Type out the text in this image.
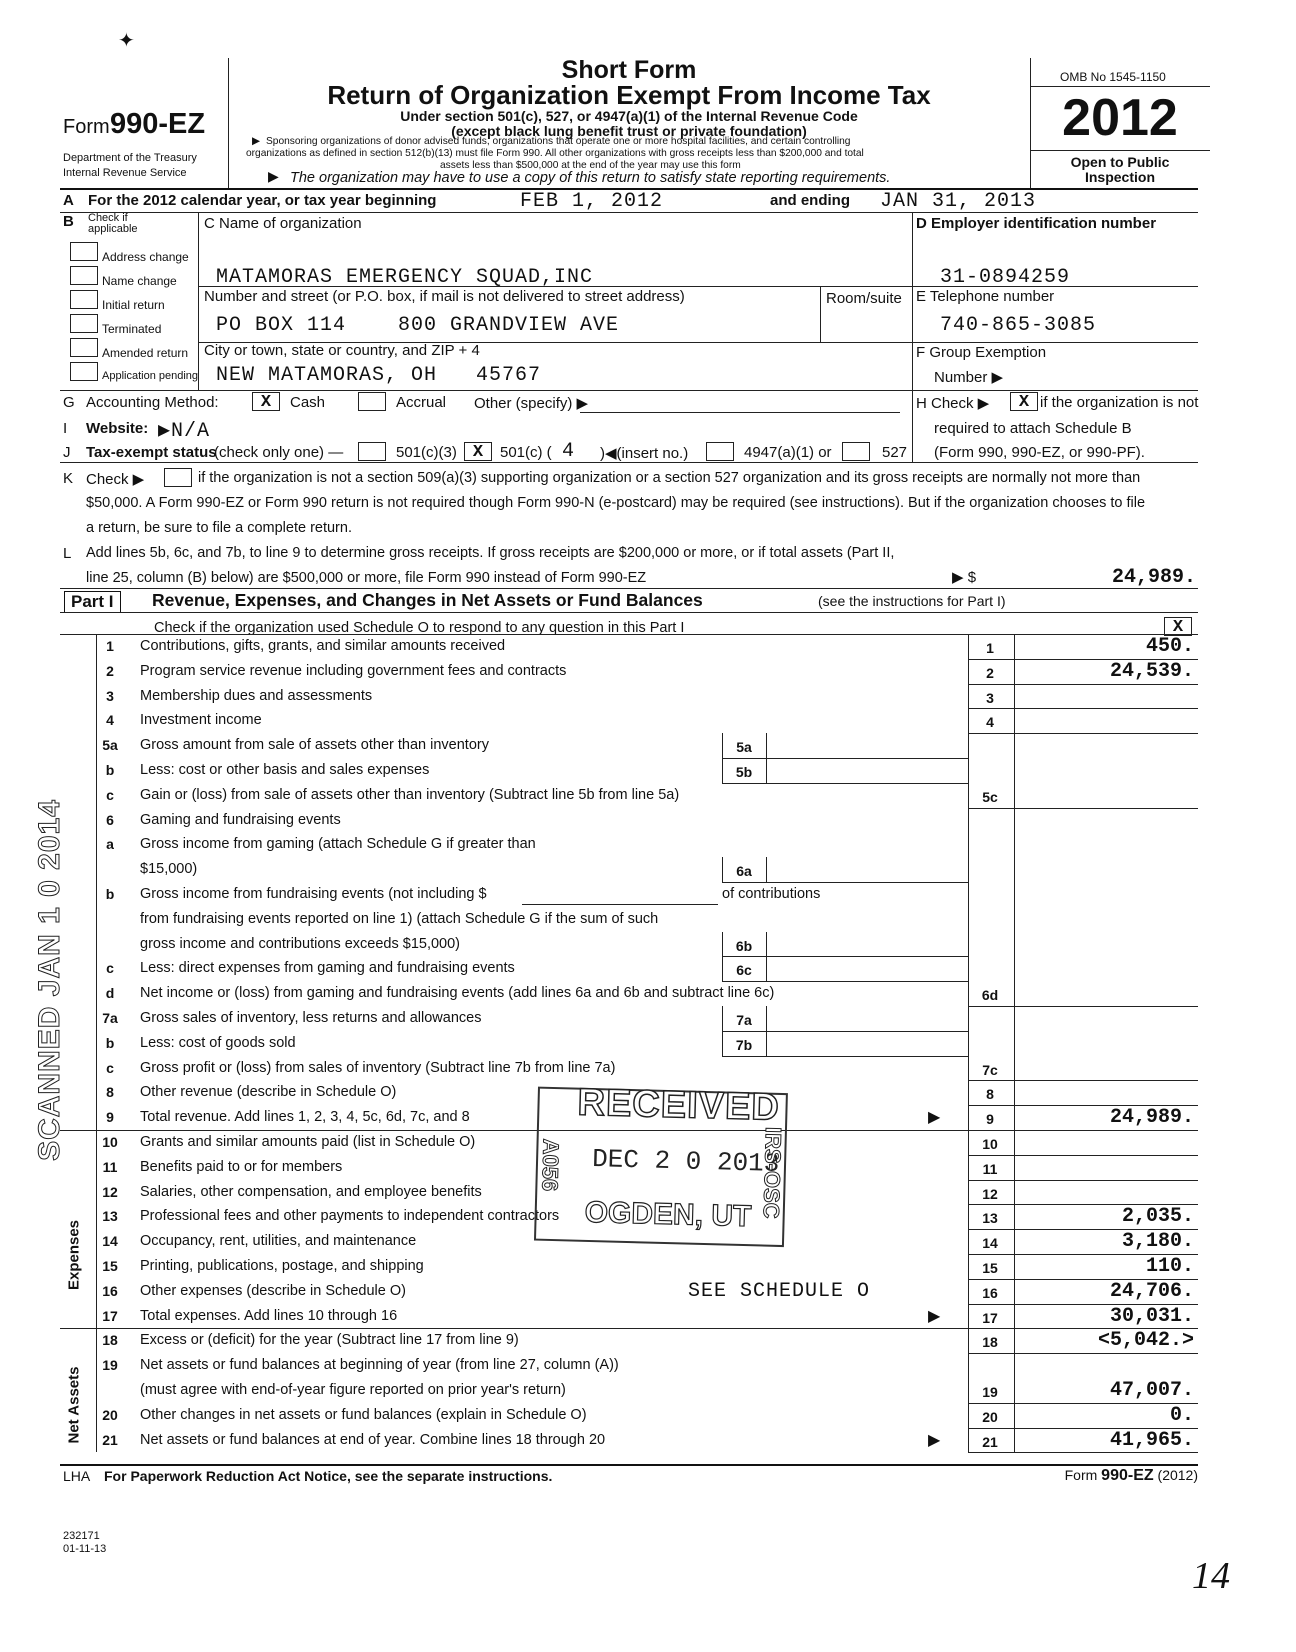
✦
Form 990-EZ
Department of the Treasury
Internal Revenue Service
Short Form
Return of Organization Exempt From Income Tax
Under section 501(c), 527, or 4947(a)(1) of the Internal Revenue Code
(except black lung benefit trust or private foundation)
▶ Sponsoring organizations of donor advised funds, organizations that operate one or more hospital facilities, and certain controlling
organizations as defined in section 512(b)(13) must file Form 990. All other organizations with gross receipts less than $200,000 and total
assets less than $500,000 at the end of the year may use this form
▶ The organization may have to use a copy of this return to satisfy state reporting requirements.
OMB No 1545-1150
2012
Open to Public
Inspection
A For the 2012 calendar year, or tax year beginning	FEB 1, 2012	and ending JAN 31, 2013
B Check if
applicable
Address change
Name change
Initial return
Terminated
Amended return
Application pending
C Name of organization
MATAMORAS EMERGENCY SQUAD,INC
Number and street (or P.O. box, if mail is not delivered to street address)	Room/suite
PO BOX 114    800 GRANDVIEW AVE
City or town, state or country, and ZIP + 4
NEW MATAMORAS, OH   45767
D Employer identification number
31-0894259
E Telephone number
740-865-3085
F Group Exemption
Number ▶
G Accounting Method:	X	Cash	Accrual Other (specify) ▶	H Check ▶	X if the organization is not
required to attach Schedule B
(Form 990, 990-EZ, or 990-PF).
I Website: ▶N/A
J Tax-exempt status
(check only one) —	501(c)(3) X	501(c) ( 4 )◀(insert no.)	4947(a)(1) or	527
K Check ▶	if the organization is not a section 509(a)(3) supporting organization or a section 527 organization and its gross receipts are normally not more than
$50,000. A Form 990-EZ or Form 990 return is not required though Form 990-N (e-postcard) may be required (see instructions). But if the organization chooses to file
a return, be sure to file a complete return.
L Add lines 5b, 6c, and 7b, to line 9 to determine gross receipts. If gross receipts are $200,000 or more, or if total assets (Part II,
line 25, column (B) below) are $500,000 or more, file Form 990 instead of Form 990-EZ	▶ $	24,989.
Part I	Revenue, Expenses, and Changes in Net Assets or Fund Balances	(see the instructions for Part I)
Check if the organization used Schedule O to respond to any question in this Part I	X
1	Contributions, gifts, grants, and similar amounts received	1	450.
2	Program service revenue including government fees and contracts	2	24,539.
3	Membership dues and assessments	3
4	Investment income	4
5a	Gross amount from sale of assets other than inventory	5a
b	Less: cost or other basis and sales expenses	5b
c	Gain or (loss) from sale of assets other than inventory (Subtract line 5b from line 5a)	5c
6	Gaming and fundraising events
a	Gross income from gaming (attach Schedule G if greater than
$15,000)	6a
b	Gross income from fundraising events (not including $	of contributions
from fundraising events reported on line 1) (attach Schedule G if the sum of such
gross income and contributions exceeds $15,000)	6b
c	Less: direct expenses from gaming and fundraising events	6c
d	Net income or (loss) from gaming and fundraising events (add lines 6a and 6b and subtract line 6c)	6d
7a	Gross sales of inventory, less returns and allowances	7a
b	Less: cost of goods sold	7b
c	Gross profit or (loss) from sales of inventory (Subtract line 7b from line 7a)	7c
8	Other revenue (describe in Schedule O)	8
9	Total revenue. Add lines 1, 2, 3, 4, 5c, 6d, 7c, and 8	▶	9	24,989.
10	Grants and similar amounts paid (list in Schedule O)	10
11	Benefits paid to or for members	11
12	Salaries, other compensation, and employee benefits	12
13	Professional fees and other payments to independent contractors	13	2,035.
14	Occupancy, rent, utilities, and maintenance	14	3,180.
15	Printing, publications, postage, and shipping	15	110.
16	Other expenses (describe in Schedule O)	SEE SCHEDULE O	16	24,706.
17	Total expenses. Add lines 10 through 16	▶	17	30,031.
18	Excess or (deficit) for the year (Subtract line 17 from line 9)	18	<5,042.>
19	Net assets or fund balances at beginning of year (from line 27, column (A))
(must agree with end-of-year figure reported on prior year's return)	19	47,007.
20	Other changes in net assets or fund balances (explain in Schedule O)	20	0.
21	Net assets or fund balances at end of year. Combine lines 18 through 20	▶	21	41,965.
Expenses
Net Assets
SCANNED JAN 1 0 2014	RECEIVED
DEC 2 0 2013
A056	IRS-OSC
OGDEN, UT
LHA For Paperwork Reduction Act Notice, see the separate instructions.	Form 990-EZ (2012)
232171
01-11-13
14
